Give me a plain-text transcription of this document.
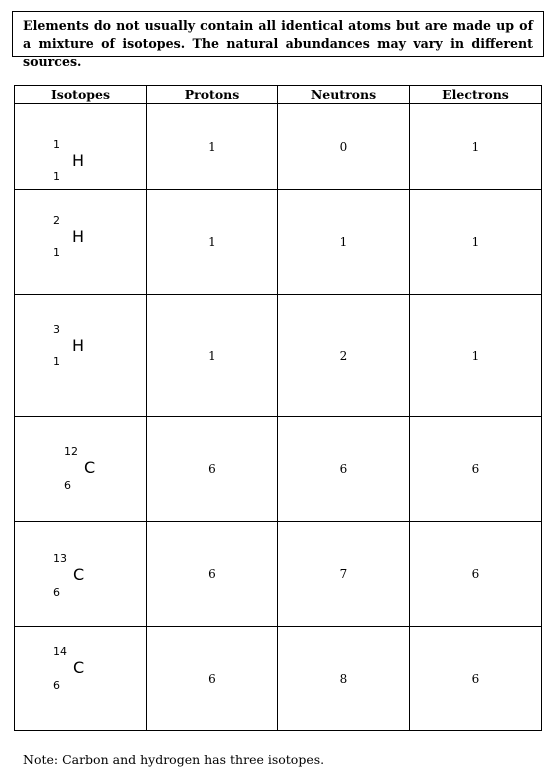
Elements do not usually contain all identical atoms but are made up of a mixture of isotopes. The natural abundances may vary in different sources.
Isotopes	Protons	Neutrons	Electrons

1
1
H	1	0	1

2
1
H	1	1	1

3
1
H	1	2	1

12
6
C	6	6	6

13
6
C	6	7	6

14
6
C	6	8	6
Note: Carbon and hydrogen has three isotopes.
